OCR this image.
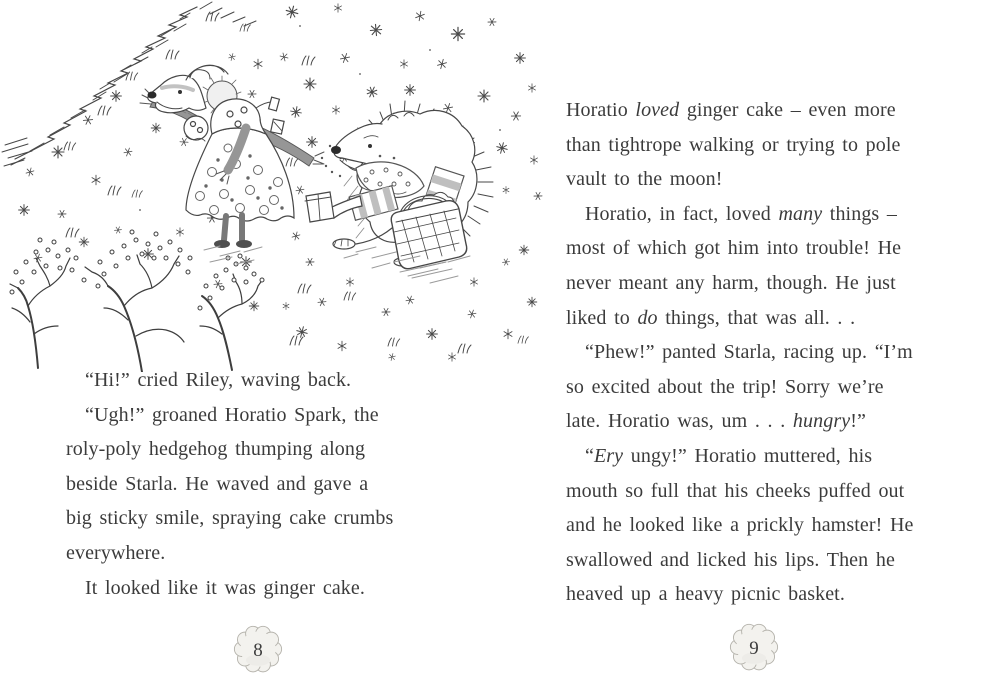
“Hi!” cried Riley, waving back.

“Ugh!” groaned Horatio Spark, the
roly-poly hedgehog thumping along
beside Starla. He waved and gave a
big sticky smile, spraying cake crumbs
everywhere.

It looked like it was ginger cake.

Horatio loved ginger cake – even more
than tightrope walking or trying to pole
vault to the moon!

Horatio, in fact, loved many things –
most of which got him into trouble! He
never meant any harm, though. He just
liked to do things, that was all. . .

“Phew!” panted Starla, racing up. “I’m
so excited about the trip! Sorry we’re
late. Horatio was, um . . . hungry!”

“Ery ungy!” Horatio muttered, his
mouth so full that his cheeks puffed out
and he looked like a prickly hamster! He
swallowed and licked his lips. Then he
heaved up a heavy picnic basket.

8	9
